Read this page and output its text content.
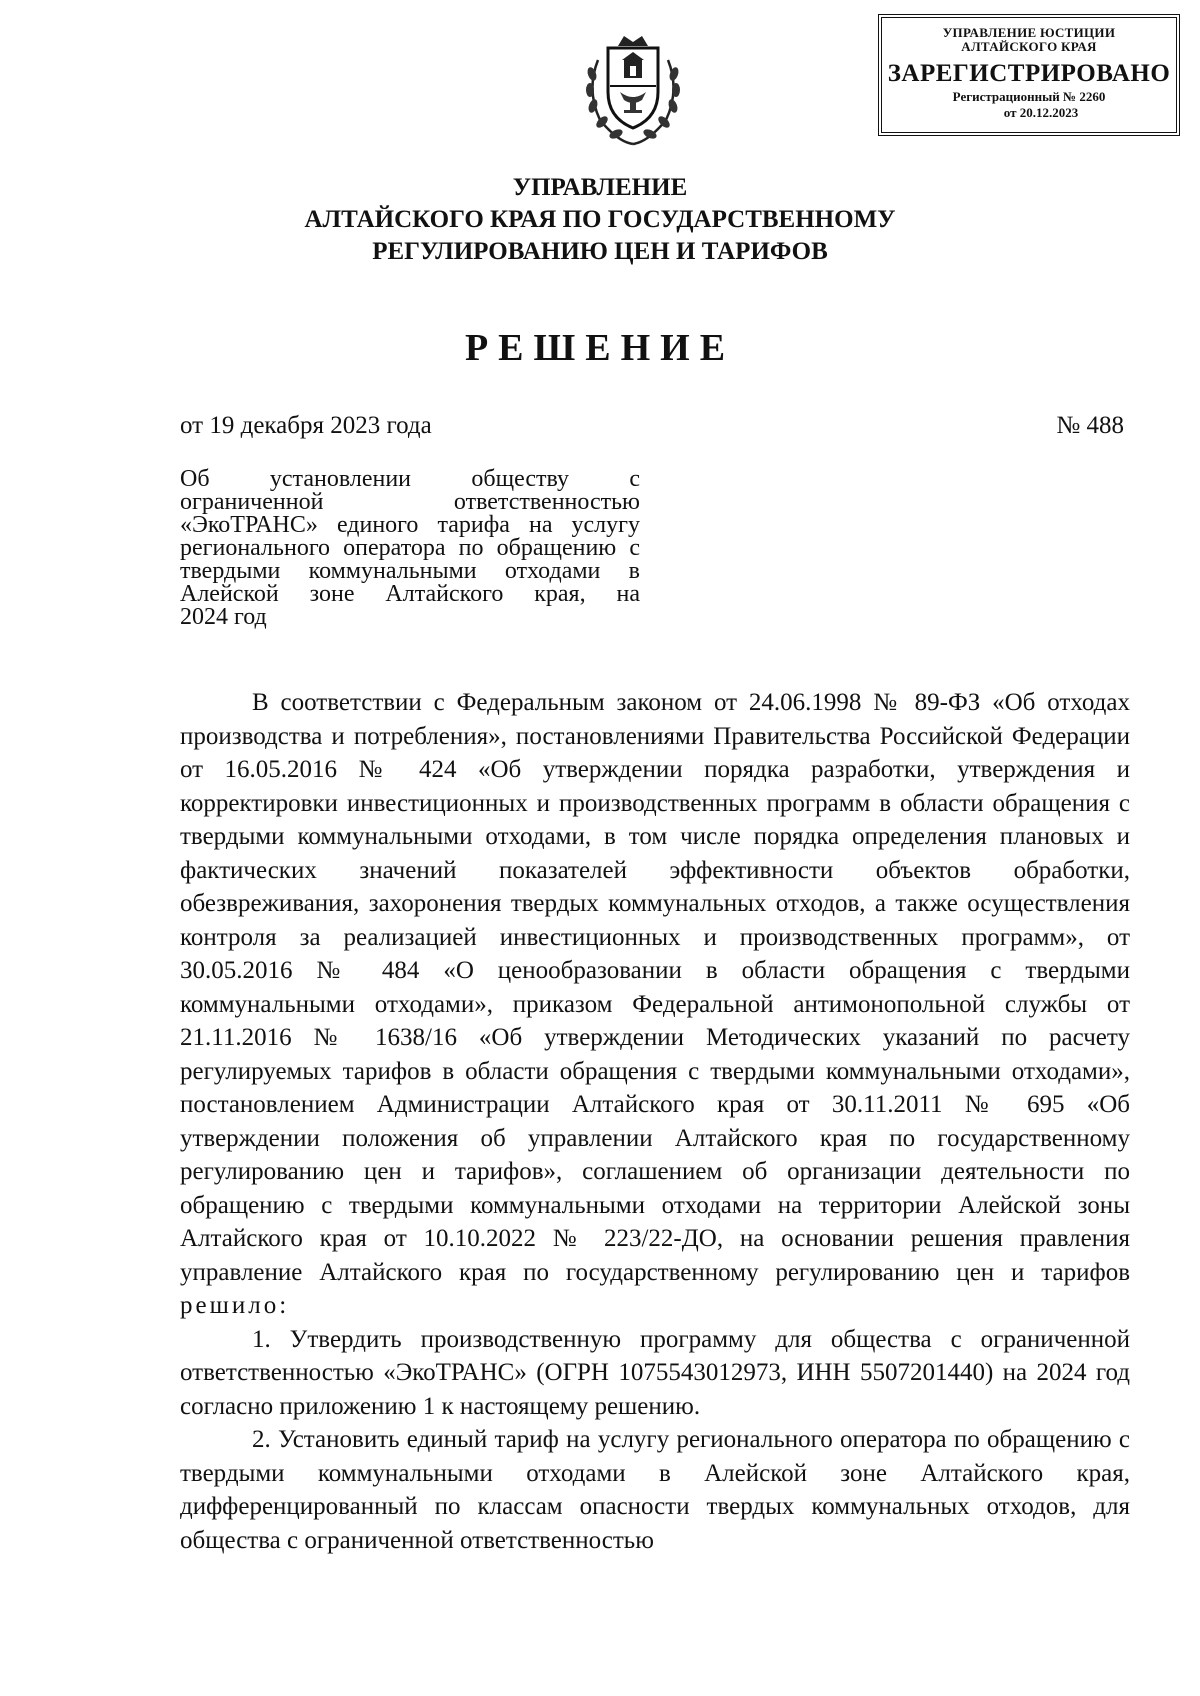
УПРАВЛЕНИЕ ЮСТИЦИИ
АЛТАЙСКОГО КРАЯ
ЗАРЕГИСТРИРОВАНО
Регистрационный № 2260
от 20.12.2023
УПРАВЛЕНИЕ
АЛТАЙСКОГО КРАЯ ПО ГОСУДАРСТВЕННОМУ
РЕГУЛИРОВАНИЮ ЦЕН И ТАРИФОВ
РЕШЕНИЕ
от 19 декабря 2023 года	№ 488
Об установлении обществу с
ограниченной ответственностью
«ЭкоТРАНС» единого тарифа на услугу
регионального оператора по обращению с
твердыми коммунальными отходами в
Алейской зоне Алтайского края, на
2024 год

В соответствии с Федеральным законом от 24.06.1998 № 89-ФЗ «Об отходах производства и потребления», постановлениями Правительства Российской Федерации от 16.05.2016 № 424 «Об утверждении порядка разработки, утверждения и корректировки инвестиционных и производственных программ в области обращения с твердыми коммунальными отходами, в том числе порядка определения плановых и фактических значений показателей эффективности объектов обработки, обезвреживания, захоронения твердых коммунальных отходов, а также осуществления контроля за реализацией инвестиционных и производственных программ», от 30.05.2016 № 484 «О ценообразовании в области обращения с твердыми коммунальными отходами», приказом Федеральной антимонопольной службы от 21.11.2016 № 1638/16 «Об утверждении Методических указаний по расчету регулируемых тарифов в области обращения с твердыми коммунальными отходами», постановлением Администрации Алтайского края от 30.11.2011 № 695 «Об утверждении положения об управлении Алтайского края по государственному регулированию цен и тарифов», соглашением об организации деятельности по обращению с твердыми коммунальными отходами на территории Алейской зоны Алтайского края от 10.10.2022 № 223/22-ДО, на основании решения правления управление Алтайского края по государственному регулированию цен и тарифов решило:

1. Утвердить производственную программу для общества с ограниченной ответственностью «ЭкоТРАНС» (ОГРН 1075543012973, ИНН 5507201440) на 2024 год согласно приложению 1 к настоящему решению.

2. Установить единый тариф на услугу регионального оператора по обращению с твердыми коммунальными отходами в Алейской зоне Алтайского края, дифференцированный по классам опасности твердых коммунальных отходов, для общества с ограниченной ответственностью
